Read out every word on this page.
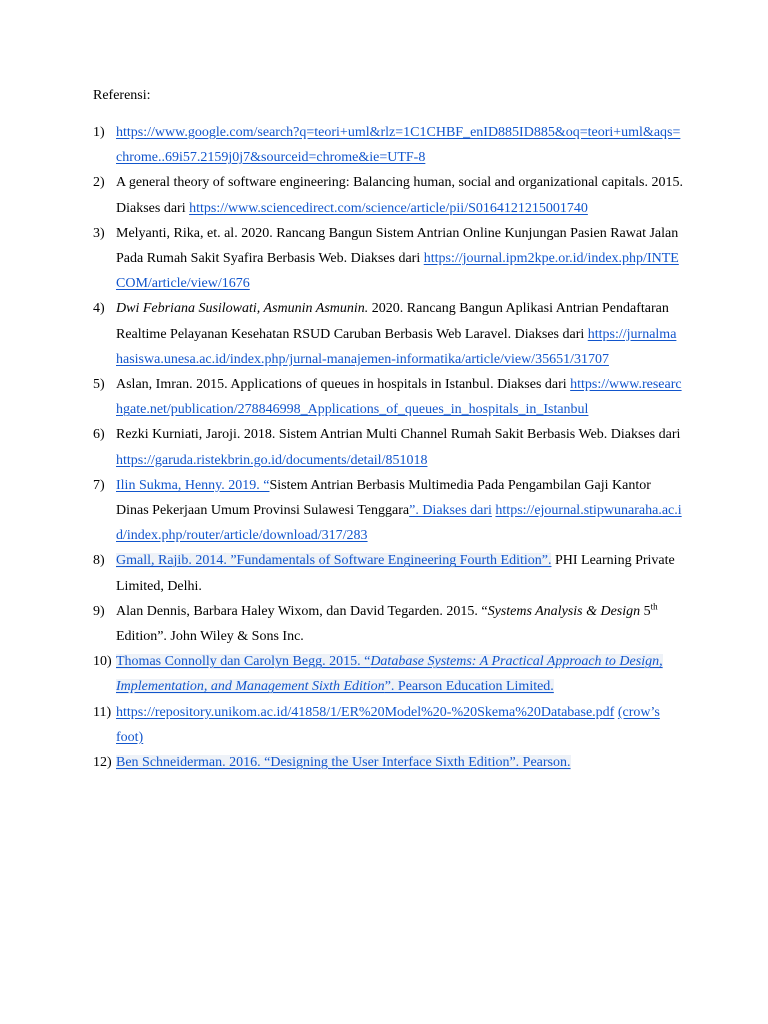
Referensi:
1) https://www.google.com/search?q=teori+uml&rlz=1C1CHBF_enID885ID885&oq=teori+uml&aqs=chrome..69i57.2159j0j7&sourceid=chrome&ie=UTF-8
2) A general theory of software engineering: Balancing human, social and organizational capitals. 2015. Diakses dari https://www.sciencedirect.com/science/article/pii/S0164121215001740
3) Melyanti, Rika, et. al. 2020. Rancang Bangun Sistem Antrian Online Kunjungan Pasien Rawat Jalan Pada Rumah Sakit Syafira Berbasis Web. Diakses dari https://journal.ipm2kpe.or.id/index.php/INTECOM/article/view/1676
4) Dwi Febriana Susilowati, Asmunin Asmunin. 2020. Rancang Bangun Aplikasi Antrian Pendaftaran Realtime Pelayanan Kesehatan RSUD Caruban Berbasis Web Laravel. Diakses dari https://jurnalmahasiswa.unesa.ac.id/index.php/jurnal-manajemen-informatika/article/view/35651/31707
5) Aslan, Imran. 2015. Applications of queues in hospitals in Istanbul. Diakses dari https://www.researchgate.net/publication/278846998_Applications_of_queues_in_hospitals_in_Istanbul
6) Rezki Kurniati, Jaroji. 2018. Sistem Antrian Multi Channel Rumah Sakit Berbasis Web. Diakses dari https://garuda.ristekbrin.go.id/documents/detail/851018
7) Ilin Sukma, Henny. 2019. “Sistem Antrian Berbasis Multimedia Pada Pengambilan Gaji Kantor Dinas Pekerjaan Umum Provinsi Sulawesi Tenggara”. Diakses dari https://ejournal.stipwunaraha.ac.id/index.php/router/article/download/317/283
8) Gmall, Rajib. 2014. ”Fundamentals of Software Engineering Fourth Edition”. PHI Learning Private Limited, Delhi.
9) Alan Dennis, Barbara Haley Wixom, dan David Tegarden. 2015. “Systems Analysis & Design 5th Edition”. John Wiley & Sons Inc.
10) Thomas Connolly dan Carolyn Begg. 2015. “Database Systems: A Practical Approach to Design, Implementation, and Management Sixth Edition”. Pearson Education Limited.
11) https://repository.unikom.ac.id/41858/1/ER%20Model%20-%20Skema%20Database.pdf (crow’s foot)
12) Ben Schneiderman. 2016. “Designing the User Interface Sixth Edition”. Pearson.
